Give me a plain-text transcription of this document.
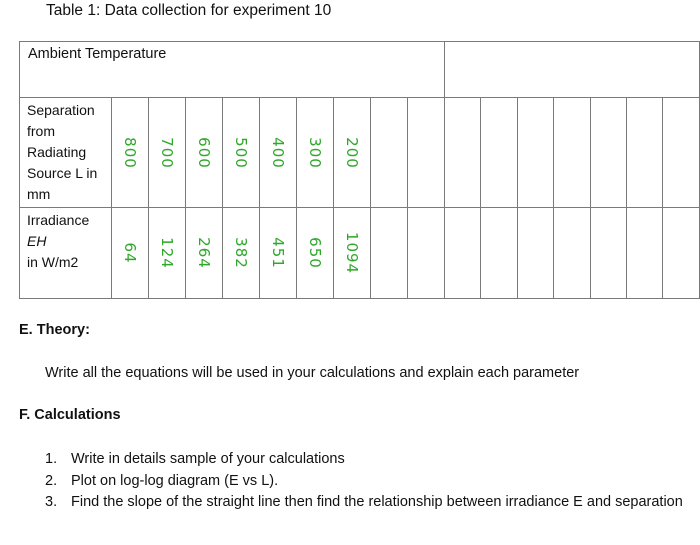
Table 1: Data collection for experiment 10
Ambient Temperature																
Separation
from
Radiating
Source L in
mm	800	700	600	500	400	300	200									

Irradiance
EH
in W/m2	64	124	264	382	451	650	1094									

E. Theory:
Write all the equations will be used in your calculations and explain each parameter
F. Calculations
1. Write in details sample of your calculations
2. Plot on log-log diagram (E vs L).
3. Find the slope of the straight line then find the relationship between irradiance E and separation
